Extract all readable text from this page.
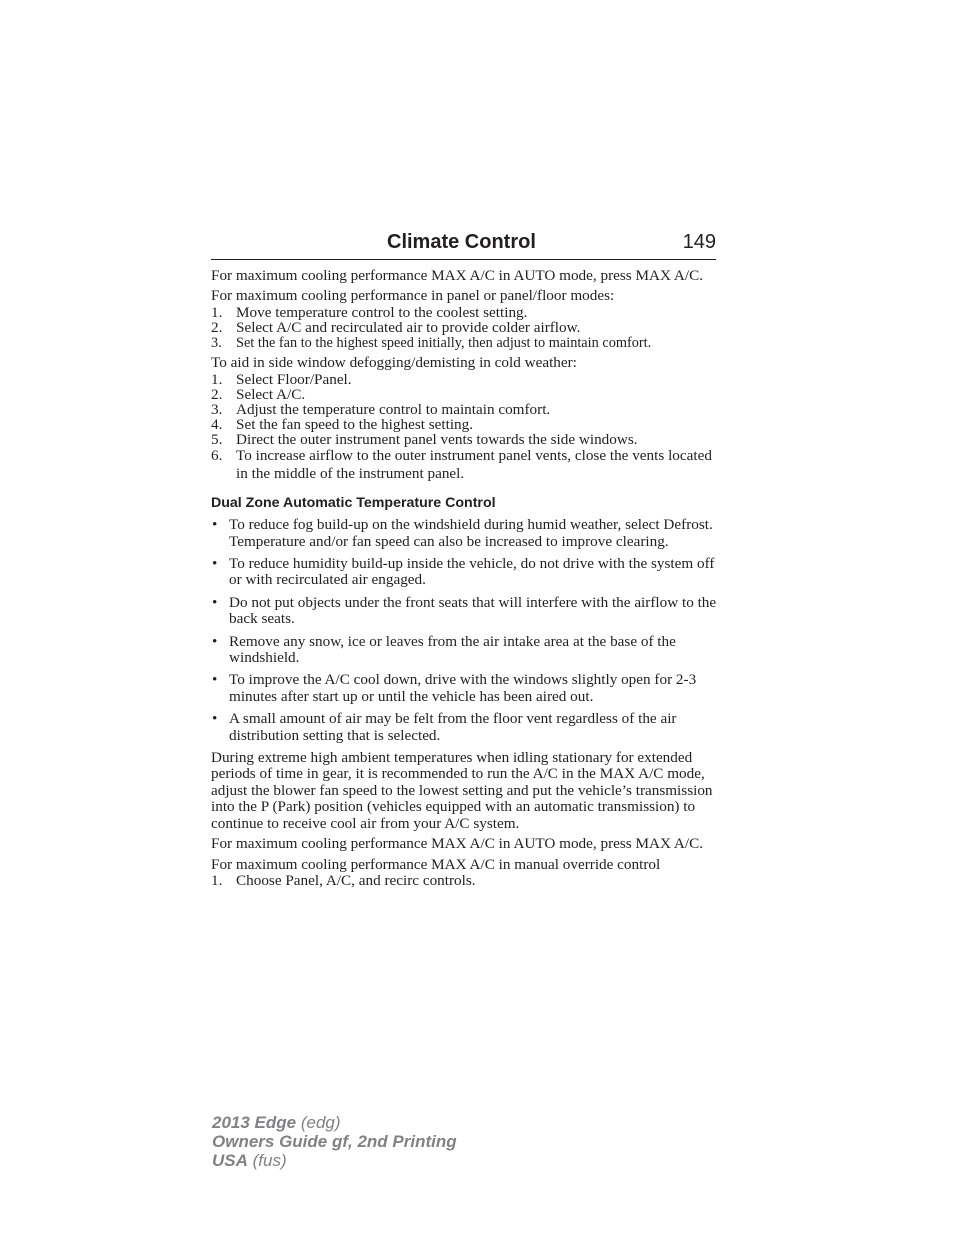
Climate Control	149

For maximum cooling performance MAX A/C in AUTO mode, press MAX A/C.

For maximum cooling performance in panel or panel/floor modes:

1. Move temperature control to the coolest setting.
2. Select A/C and recirculated air to provide colder airflow.
3. Set the fan to the highest speed initially, then adjust to maintain comfort.

To aid in side window defogging/demisting in cold weather:

1. Select Floor/Panel.
2. Select A/C.
3. Adjust the temperature control to maintain comfort.
4. Set the fan speed to the highest setting.
5. Direct the outer instrument panel vents towards the side windows.
6. To increase airflow to the outer instrument panel vents, close the vents located in the middle of the instrument panel.
Dual Zone Automatic Temperature Control
• To reduce fog build-up on the windshield during humid weather, select Defrost. Temperature and/or fan speed can also be increased to improve clearing.
• To reduce humidity build-up inside the vehicle, do not drive with the system off or with recirculated air engaged.
• Do not put objects under the front seats that will interfere with the airflow to the back seats.
• Remove any snow, ice or leaves from the air intake area at the base of the windshield.
• To improve the A/C cool down, drive with the windows slightly open for 2-3 minutes after start up or until the vehicle has been aired out.
• A small amount of air may be felt from the floor vent regardless of the air distribution setting that is selected.

During extreme high ambient temperatures when idling stationary for extended periods of time in gear, it is recommended to run the A/C in the MAX A/C mode, adjust the blower fan speed to the lowest setting and put the vehicle’s transmission into the P (Park) position (vehicles equipped with an automatic transmission) to continue to receive cool air from your A/C system.

For maximum cooling performance MAX A/C in AUTO mode, press MAX A/C.

For maximum cooling performance MAX A/C in manual override control

1. Choose Panel, A/C, and recirc controls.
2013 Edge (edg)
Owners Guide gf, 2nd Printing
USA (fus)
